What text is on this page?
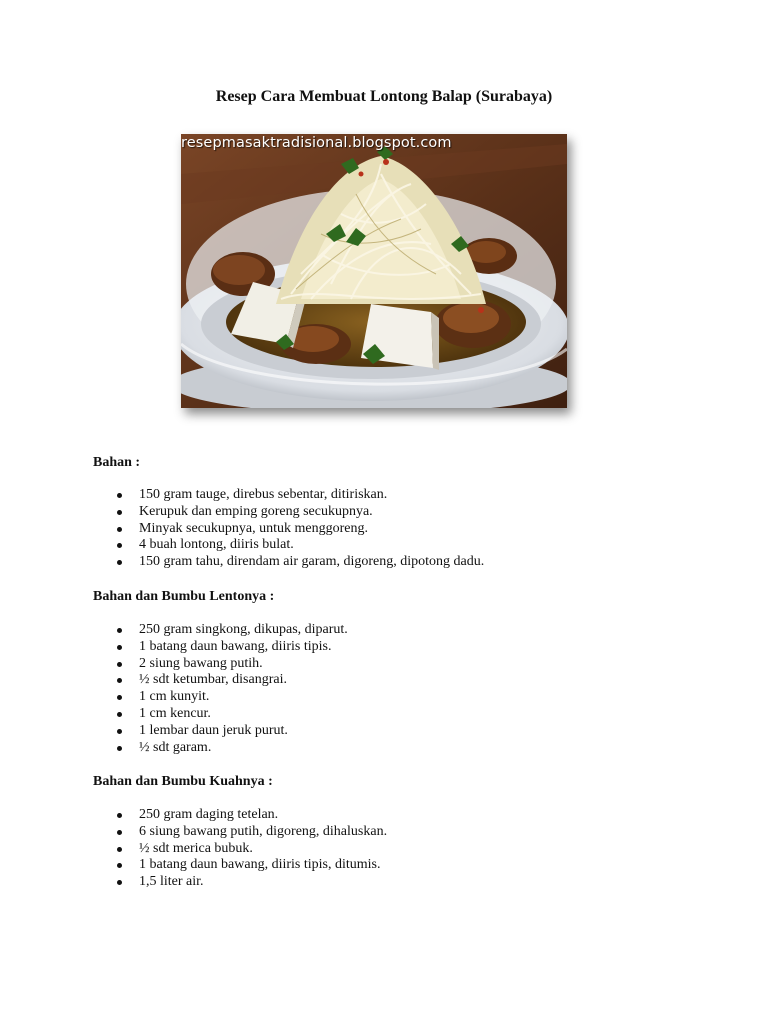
Resep Cara Membuat Lontong Balap (Surabaya)
resepmasaktradisional.blogspot.com
Bahan :
150 gram tauge, direbus sebentar, ditiriskan.
Kerupuk dan emping goreng secukupnya.
Minyak secukupnya, untuk menggoreng.
4 buah lontong, diiris bulat.
150 gram tahu, direndam air garam, digoreng, dipotong dadu.
Bahan dan Bumbu Lentonya :
250 gram singkong, dikupas, diparut.
1 batang daun bawang, diiris tipis.
2 siung bawang putih.
½ sdt ketumbar, disangrai.
1 cm kunyit.
1 cm kencur.
1 lembar daun jeruk purut.
½ sdt garam.
Bahan dan Bumbu Kuahnya :
250 gram daging tetelan.
6 siung bawang putih, digoreng, dihaluskan.
½ sdt merica bubuk.
1 batang daun bawang, diiris tipis, ditumis.
1,5 liter air.
